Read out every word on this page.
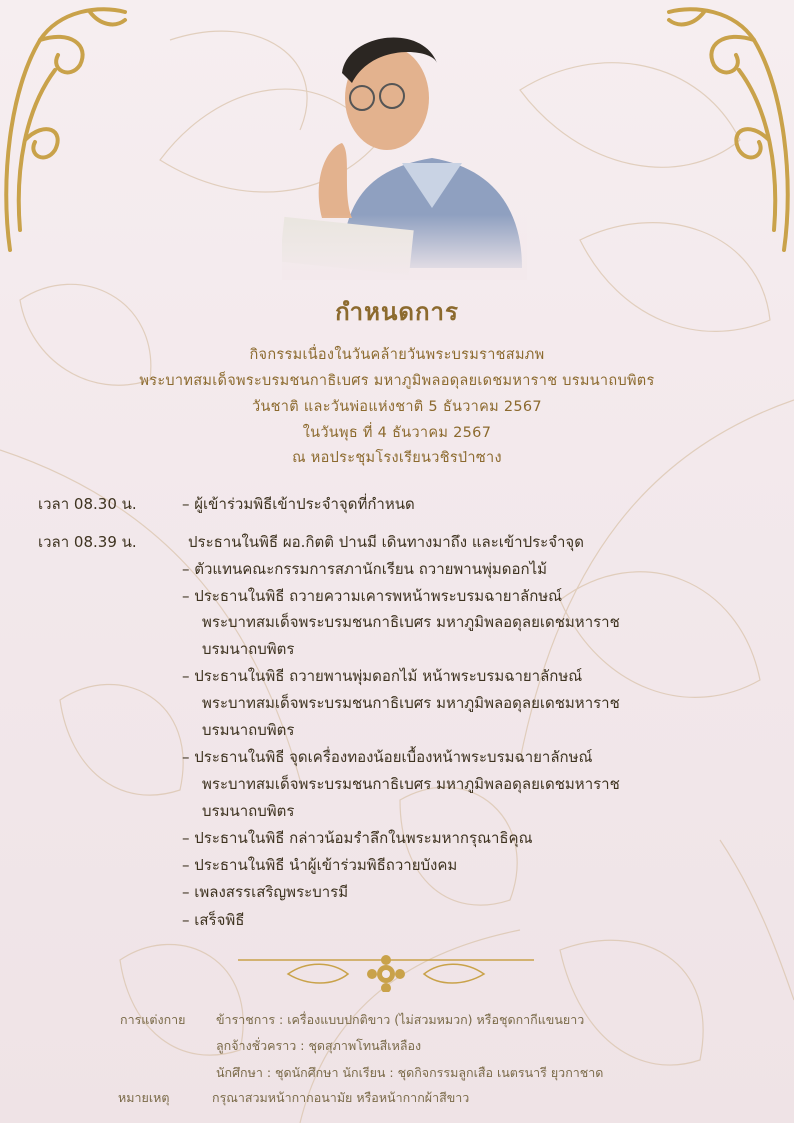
กำหนดการ
กิจกรรมเนื่องในวันคล้ายวันพระบรมราชสมภพ
พระบาทสมเด็จพระบรมชนกาธิเบศร มหาภูมิพลอดุลยเดชมหาราช บรมนาถบพิตร
วันชาติ และวันพ่อแห่งชาติ 5 ธันวาคม 2567
ในวันพุธ ที่ 4 ธันวาคม 2567
ณ หอประชุมโรงเรียนวชิรป่าซาง
เวลา 08.30 น.	– ผู้เข้าร่วมพิธีเข้าประจำจุดที่กำหนด
เวลา 08.39 น.	ประธานในพิธี ผอ.กิตติ ปานมี เดินทางมาถึง และเข้าประจำจุด
– ตัวแทนคณะกรรมการสภานักเรียน ถวายพานพุ่มดอกไม้
– ประธานในพิธี ถวายความเคารพหน้าพระบรมฉายาลักษณ์
พระบาทสมเด็จพระบรมชนกาธิเบศร มหาภูมิพลอดุลยเดชมหาราช
บรมนาถบพิตร
– ประธานในพิธี ถวายพานพุ่มดอกไม้ หน้าพระบรมฉายาลักษณ์
พระบาทสมเด็จพระบรมชนกาธิเบศร มหาภูมิพลอดุลยเดชมหาราช
บรมนาถบพิตร
– ประธานในพิธี จุดเครื่องทองน้อยเบื้องหน้าพระบรมฉายาลักษณ์
พระบาทสมเด็จพระบรมชนกาธิเบศร มหาภูมิพลอดุลยเดชมหาราช
บรมนาถบพิตร
– ประธานในพิธี กล่าวน้อมรำลึกในพระมหากรุณาธิคุณ
– ประธานในพิธี นำผู้เข้าร่วมพิธีถวายบังคม
– เพลงสรรเสริญพระบารมี
– เสร็จพิธี
การแต่งกาย ข้าราชการ : เครื่องแบบปกติขาว (ไม่สวมหมวก) หรือชุดกากีแขนยาว
ลูกจ้างชั่วคราว : ชุดสุภาพโทนสีเหลือง
นักศึกษา : ชุดนักศึกษา นักเรียน : ชุดกิจกรรมลูกเสือ เนตรนารี ยุวกาชาด
หมายเหตุ	กรุณาสวมหน้ากากอนามัย หรือหน้ากากผ้าสีขาว
